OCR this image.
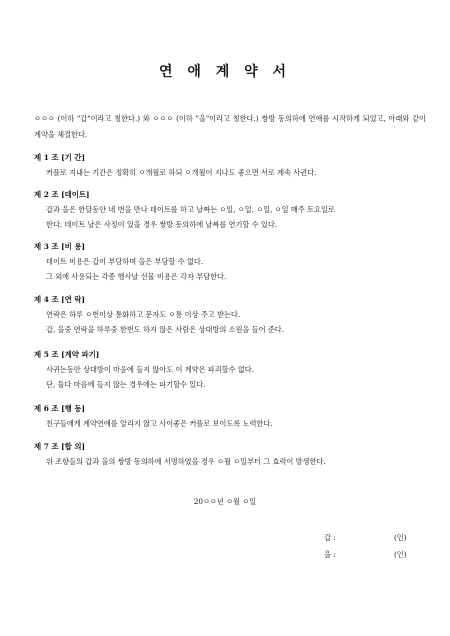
연 애 계 약 서
ㅇㅇㅇ (이하 "갑"이라고 칭한다.) 와 ㅇㅇㅇ (이하 "을"이라고 칭한다.) 쌍방 동의하에 연애를 시작하게 되었고, 아래와 같이 계약을 체결한다.
제 1 조 [기 간]
커플로 지내는 기간은 정확히 ㅇ개월로 하되 ㅇ개월이 지나도 좋으면 서로 계속 사귄다.
제 2 조 [데이트]
갑과 을은 한달동안 네 번을 만나 데이트를 하고 날짜는 ㅇ일, ㅇ일, ㅇ일, ㅇ일 매주 토요일로
한다. 데이트 날은 사정이 있을 경우 쌍방 동의하에 날짜를 연기할 수 있다.
제 3 조 [비 용]
데이트 비용은 갑이 부담하며 을은 부담할 수 없다.
그 외에 사용되는 각종 행사날 선물 비용은 각자 부담한다.
제 4 조 [연 락]
연락은 하루 ㅇ번이상 통화하고 문자도 ㅇ통 이상 주고 받는다.
갑, 을중 연락을 하루중 한번도 하지 않은 사람은 상대방의 소원을 들어 준다.
제 5 조 [계약 파기]
사귀는동안 상대방이 마음에 들지 않아도 이 계약은 파괴할수 없다.
단, 둘다 마음에 들지 않는 경우에는 파기할수 있다.
제 6 조 [행 동]
친구들에게 계약연애를 알리지 않고 사이좋은 커플로 보이도록 노력한다.
제 7 조 [합 의]
위 조항들의 갑과 을의 쌍방 동의하에 서명하였을 경우 ㅇ월 ㅇ일부터 그 효력이 발생한다.
20ㅇㅇ년 ㅇ월 ㅇ일
갑 :	(인)
을 :	(인)
